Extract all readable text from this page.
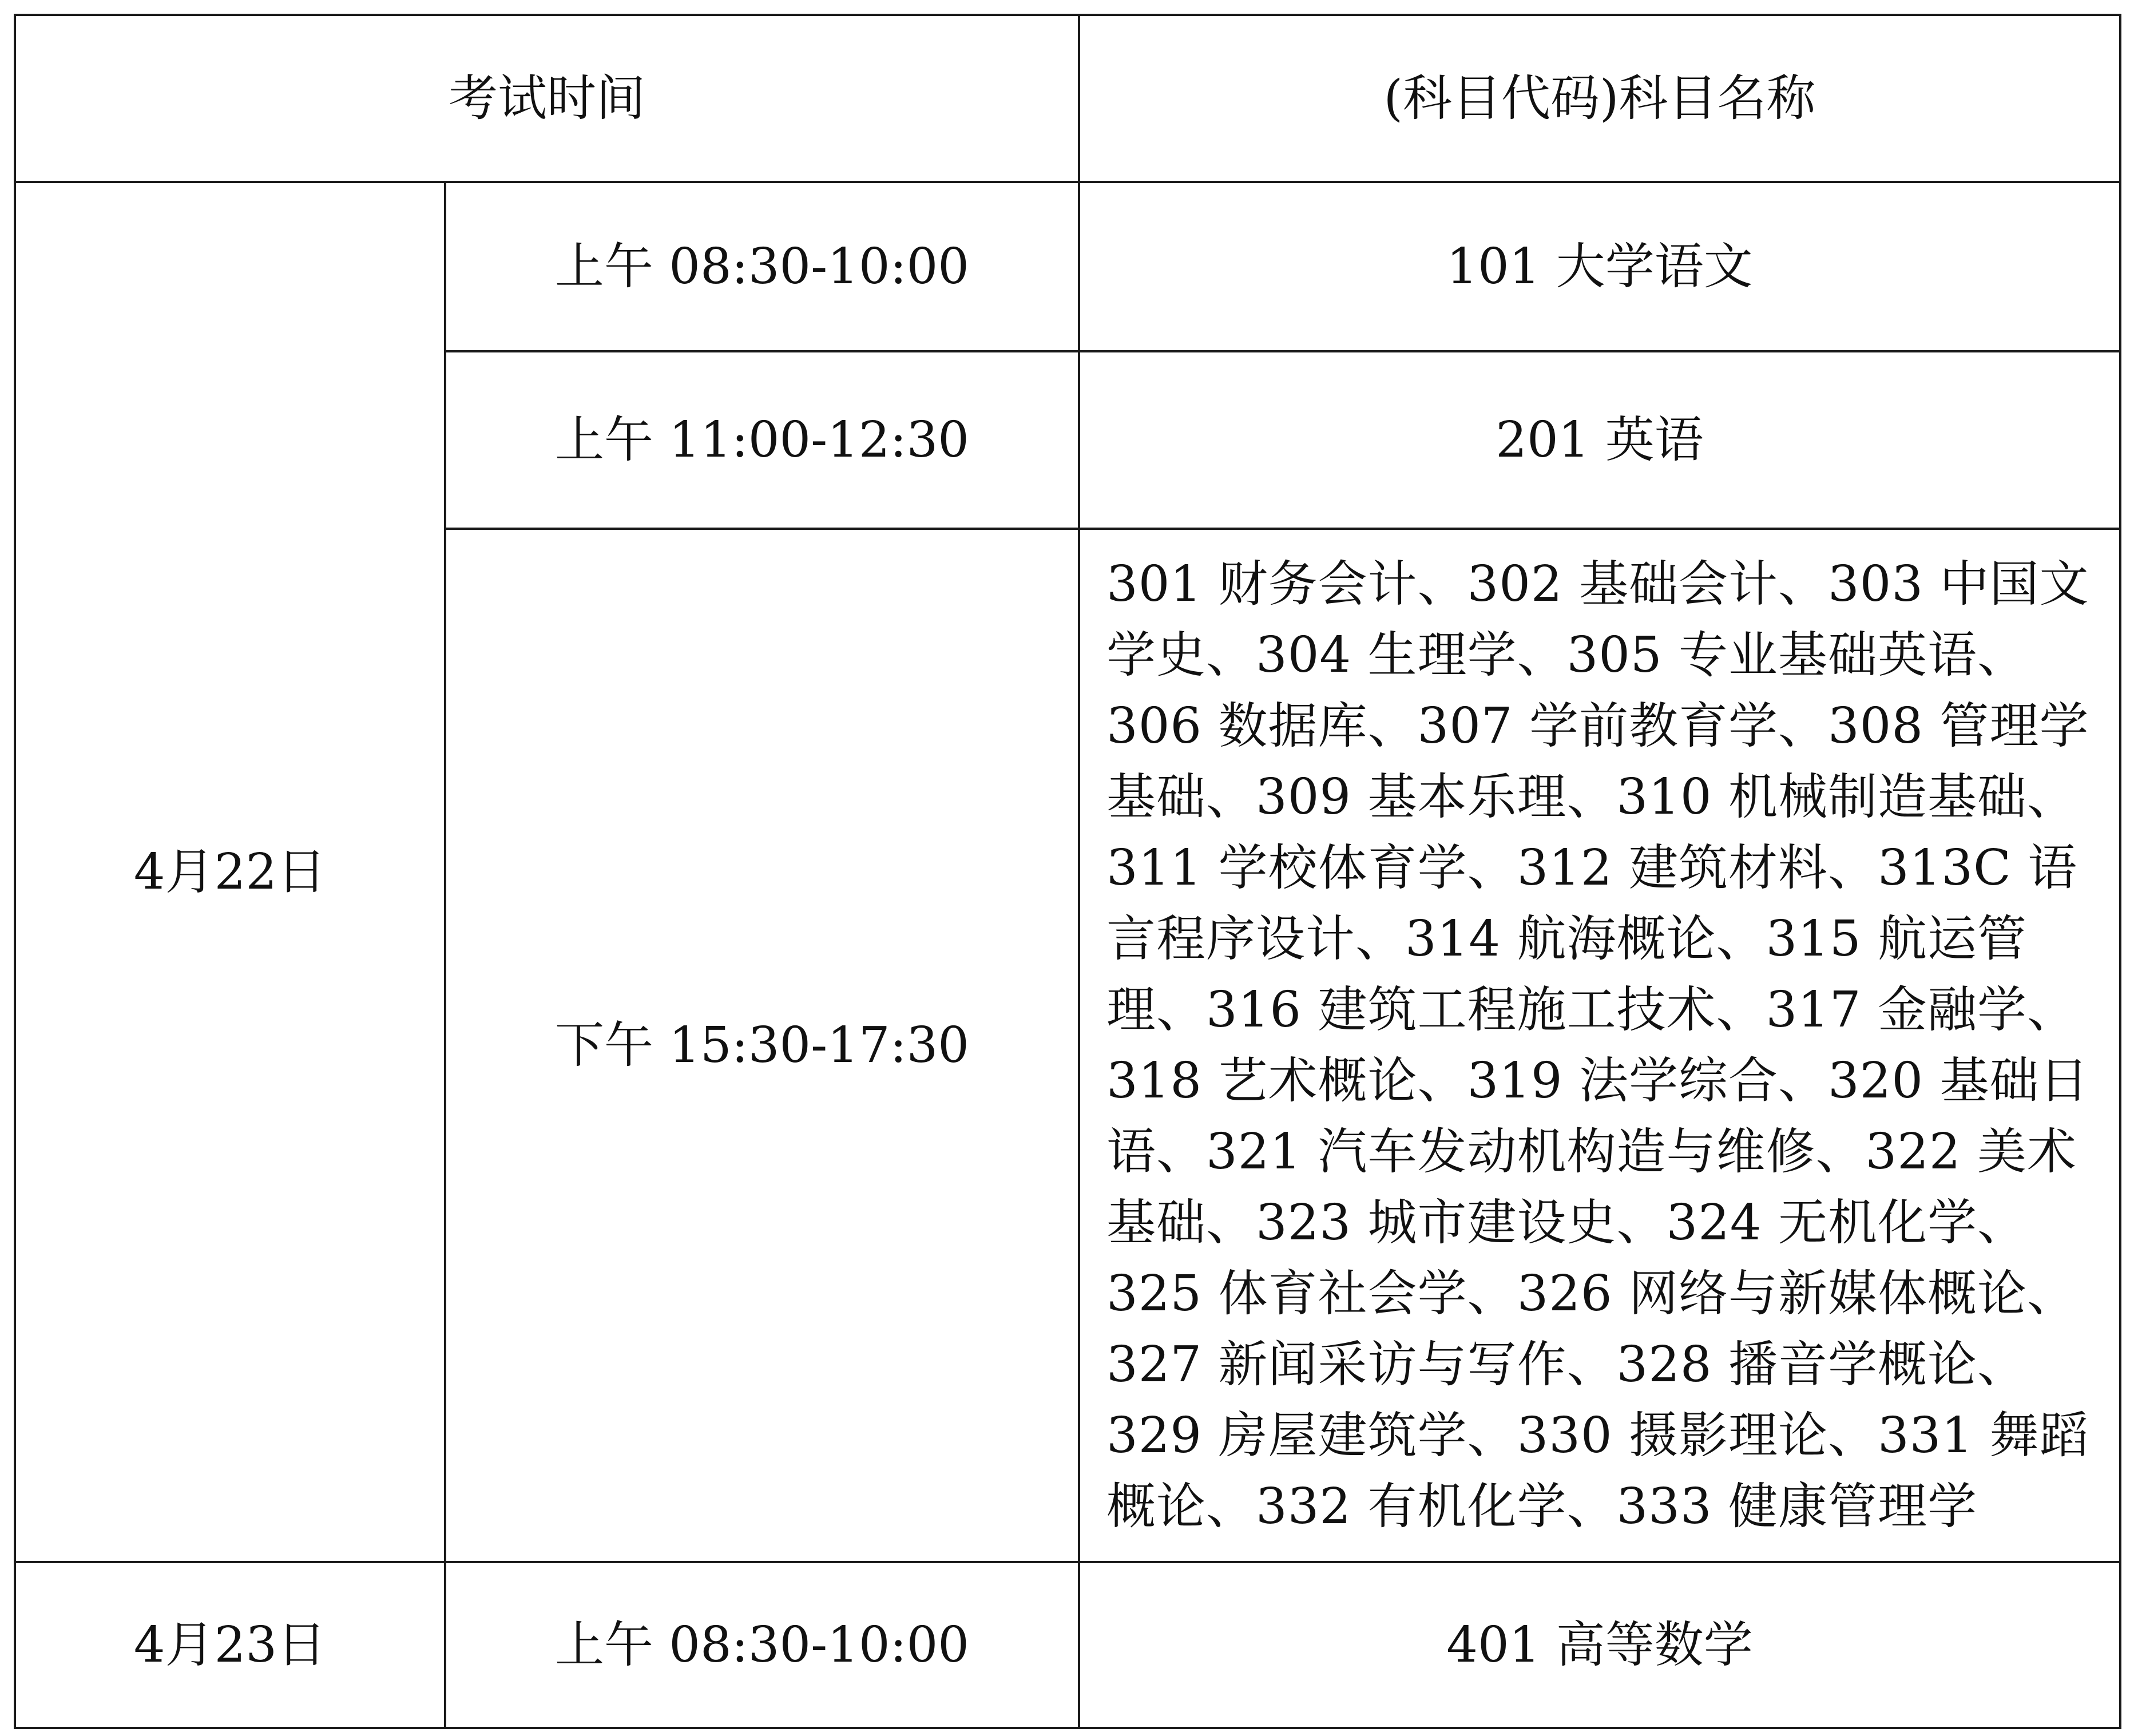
考试时间		(科目代码)科目名称
4月22日	上午 08:30-10:00	101 大学语文
	上午 11:00-12:30	201 英语
	下午 15:30-17:30	301 财务会计、302 基础会计、303 中国文学史、304 生理学、305 专业基础英语、306 数据库、307 学前教育学、308 管理学基础、309 基本乐理、310 机械制造基础、311 学校体育学、312 建筑材料、313C 语言程序设计、314 航海概论、315 航运管理、316 建筑工程施工技术、317 金融学、318 艺术概论、319 法学综合、320 基础日语、321 汽车发动机构造与维修、322 美术基础、323 城市建设史、324 无机化学、325 体育社会学、326 网络与新媒体概论、327 新闻采访与写作、328 播音学概论、329 房屋建筑学、330 摄影理论、331 舞蹈概论、332 有机化学、333 健康管理学
4月23日	上午 08:30-10:00	401 高等数学
